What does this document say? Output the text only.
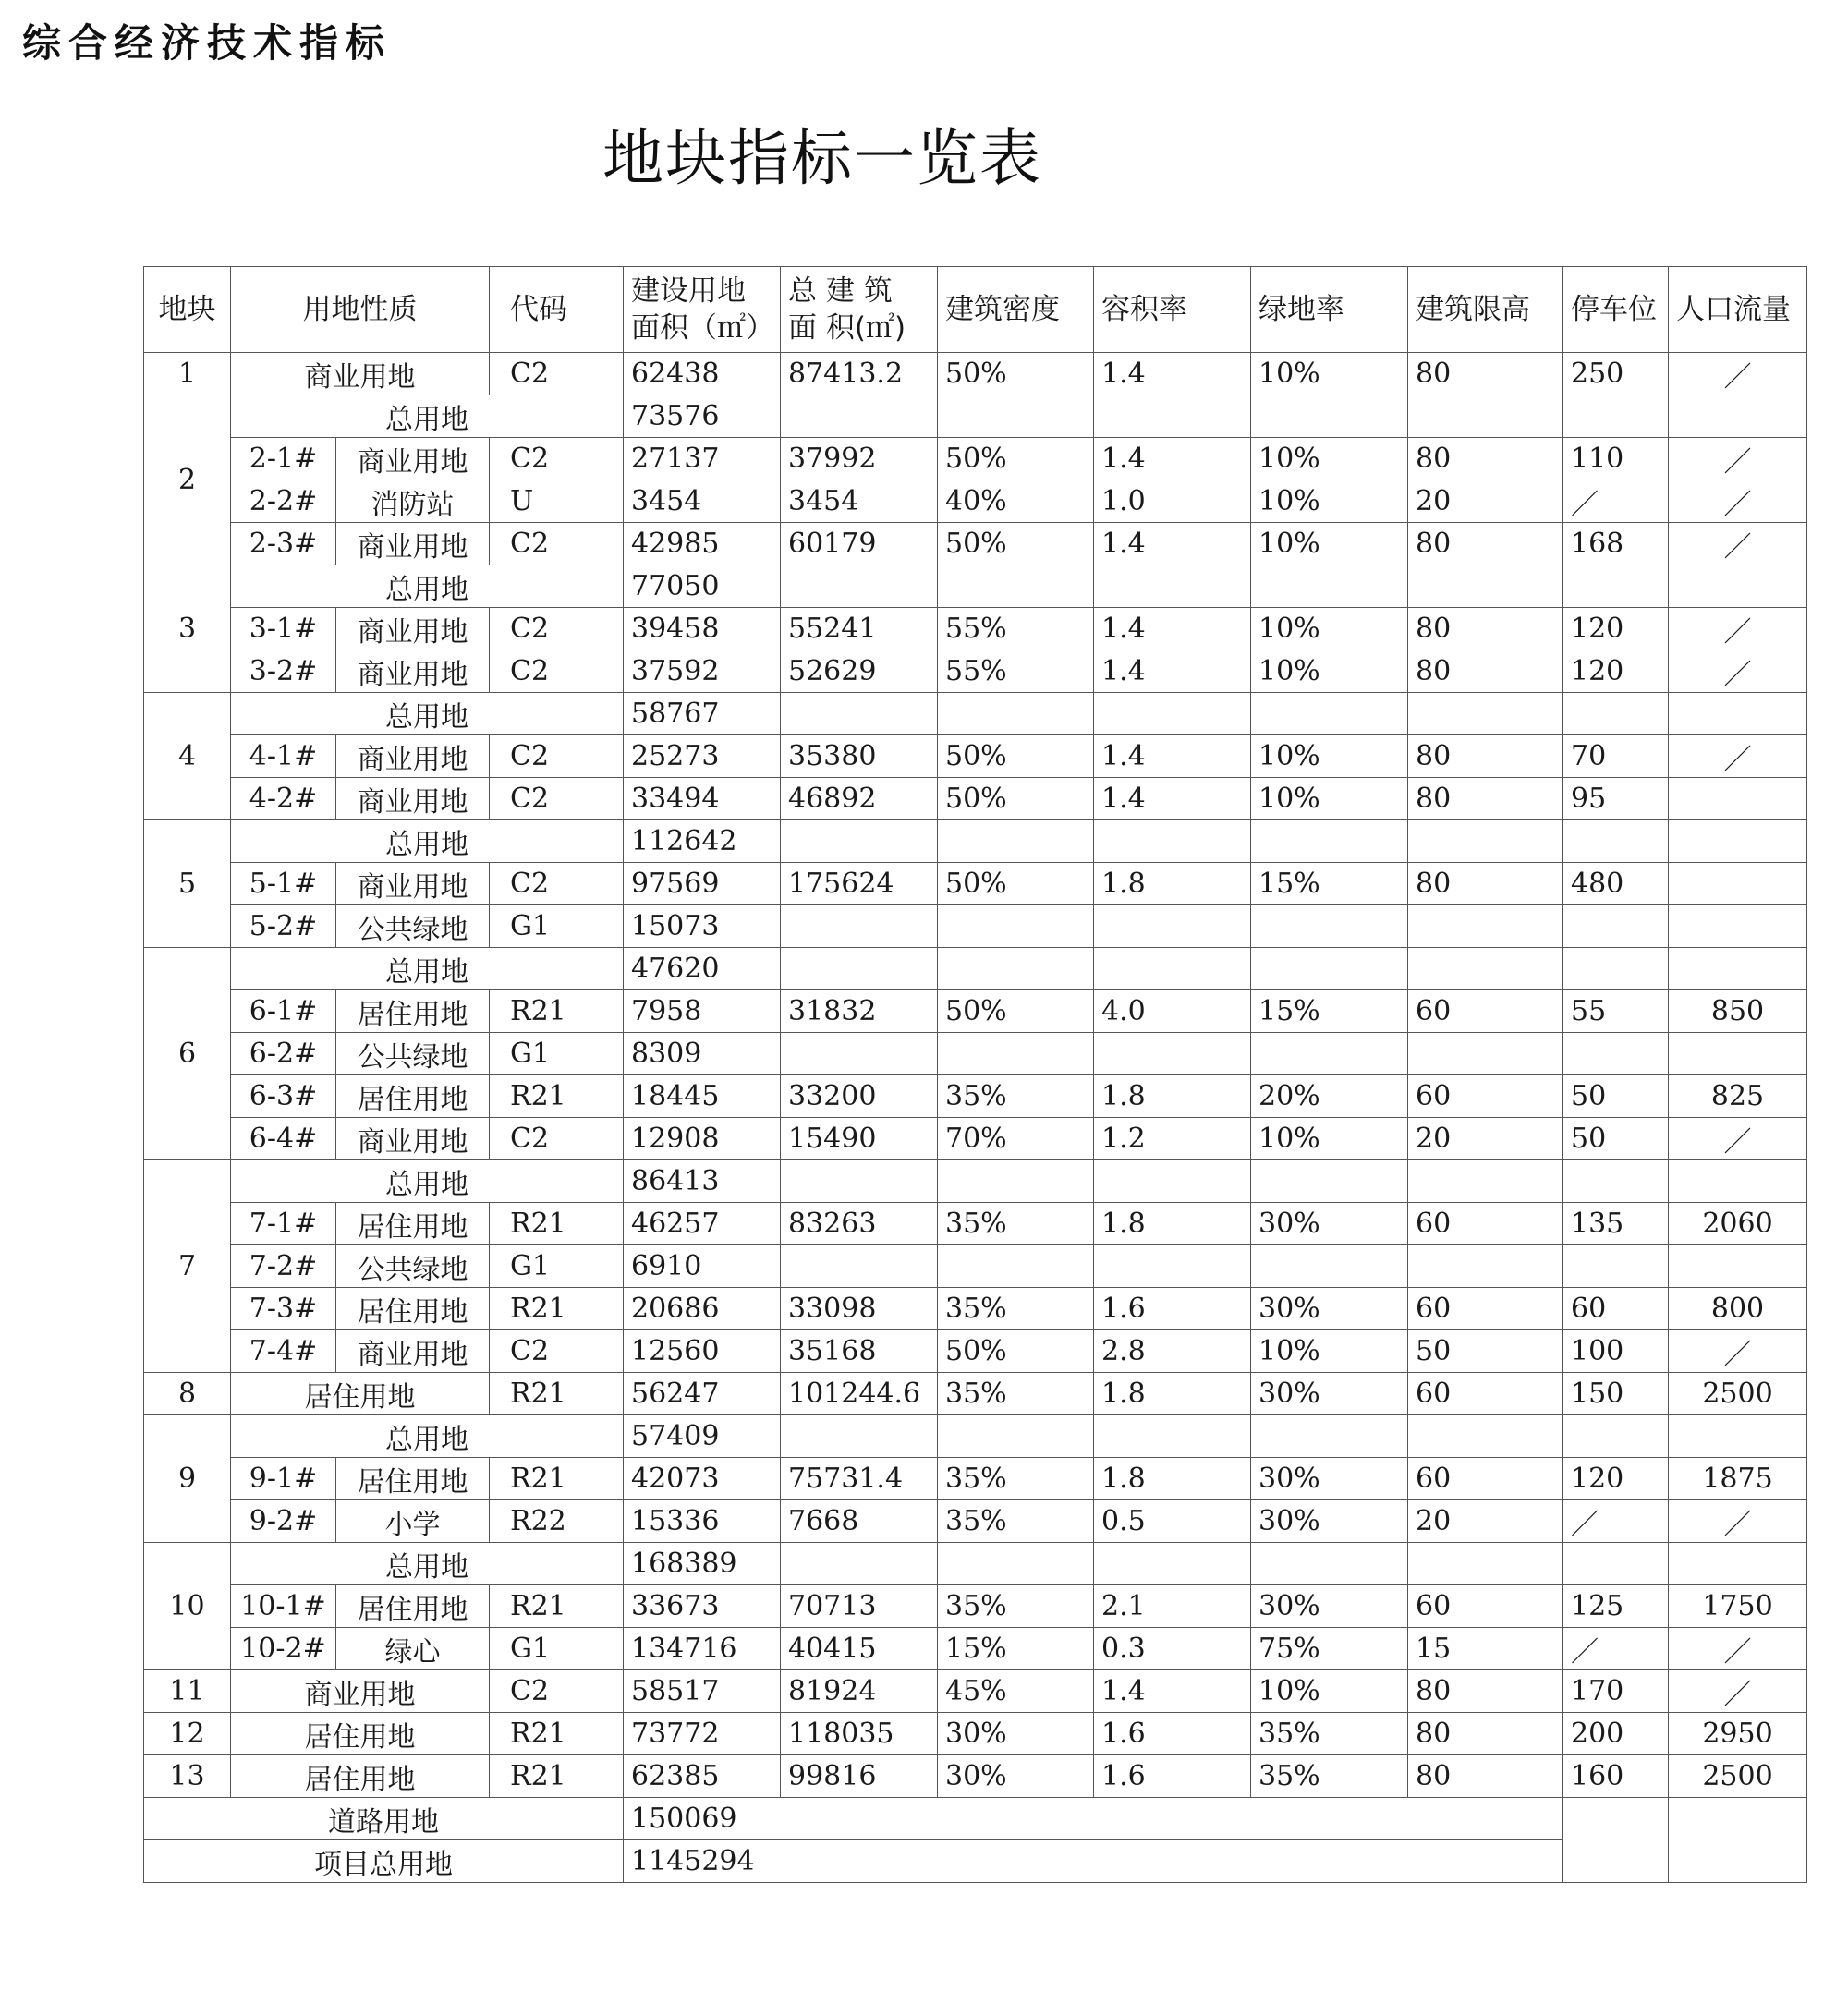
综合经济技术指标
地块指标一览表
地块	用地性质		代码	建设用地面积（㎡）	总 建 筑 面 积(㎡)	建筑密度	容积率	绿地率	建筑限高	停车位	人口流量
1	商业用地		C2	62438	87413.2	50%	1.4	10%	80	250	／
2	总用地			73576							
	2-1#	商业用地	C2	27137	37992	50%	1.4	10%	80	110	／
	2-2#	消防站	U	3454	3454	40%	1.0	10%	20	／	／
	2-3#	商业用地	C2	42985	60179	50%	1.4	10%	80	168	／
3	总用地			77050							
	3-1#	商业用地	C2	39458	55241	55%	1.4	10%	80	120	／
	3-2#	商业用地	C2	37592	52629	55%	1.4	10%	80	120	／
4	总用地			58767							
	4-1#	商业用地	C2	25273	35380	50%	1.4	10%	80	70	／
	4-2#	商业用地	C2	33494	46892	50%	1.4	10%	80	95	
5	总用地			112642							
	5-1#	商业用地	C2	97569	175624	50%	1.8	15%	80	480	
	5-2#	公共绿地	G1	15073							
6	总用地			47620							
	6-1#	居住用地	R21	7958	31832	50%	4.0	15%	60	55	850
	6-2#	公共绿地	G1	8309							
	6-3#	居住用地	R21	18445	33200	35%	1.8	20%	60	50	825
	6-4#	商业用地	C2	12908	15490	70%	1.2	10%	20	50	／
7	总用地			86413							
	7-1#	居住用地	R21	46257	83263	35%	1.8	30%	60	135	2060
	7-2#	公共绿地	G1	6910							
	7-3#	居住用地	R21	20686	33098	35%	1.6	30%	60	60	800
	7-4#	商业用地	C2	12560	35168	50%	2.8	10%	50	100	／
8	居住用地		R21	56247	101244.6	35%	1.8	30%	60	150	2500
9	总用地			57409							
	9-1#	居住用地	R21	42073	75731.4	35%	1.8	30%	60	120	1875
	9-2#	小学	R22	15336	7668	35%	0.5	30%	20	／	／
10	总用地			168389							
	10-1#	居住用地	R21	33673	70713	35%	2.1	30%	60	125	1750
	10-2#	绿心	G1	134716	40415	15%	0.3	75%	15	／	／
11	商业用地		C2	58517	81924	45%	1.4	10%	80	170	／
12	居住用地		R21	73772	118035	30%	1.6	35%	80	200	2950
13	居住用地		R21	62385	99816	30%	1.6	35%	80	160	2500
道路用地				150069							
项目总用地				1145294							
